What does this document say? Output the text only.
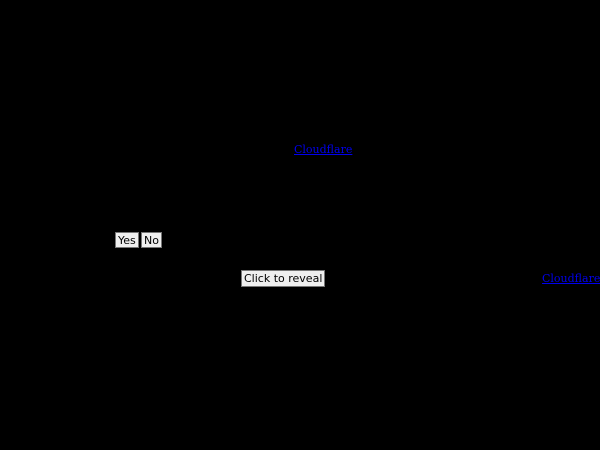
Cloudflare
Yes No
Click to reveal	Cloudflare
